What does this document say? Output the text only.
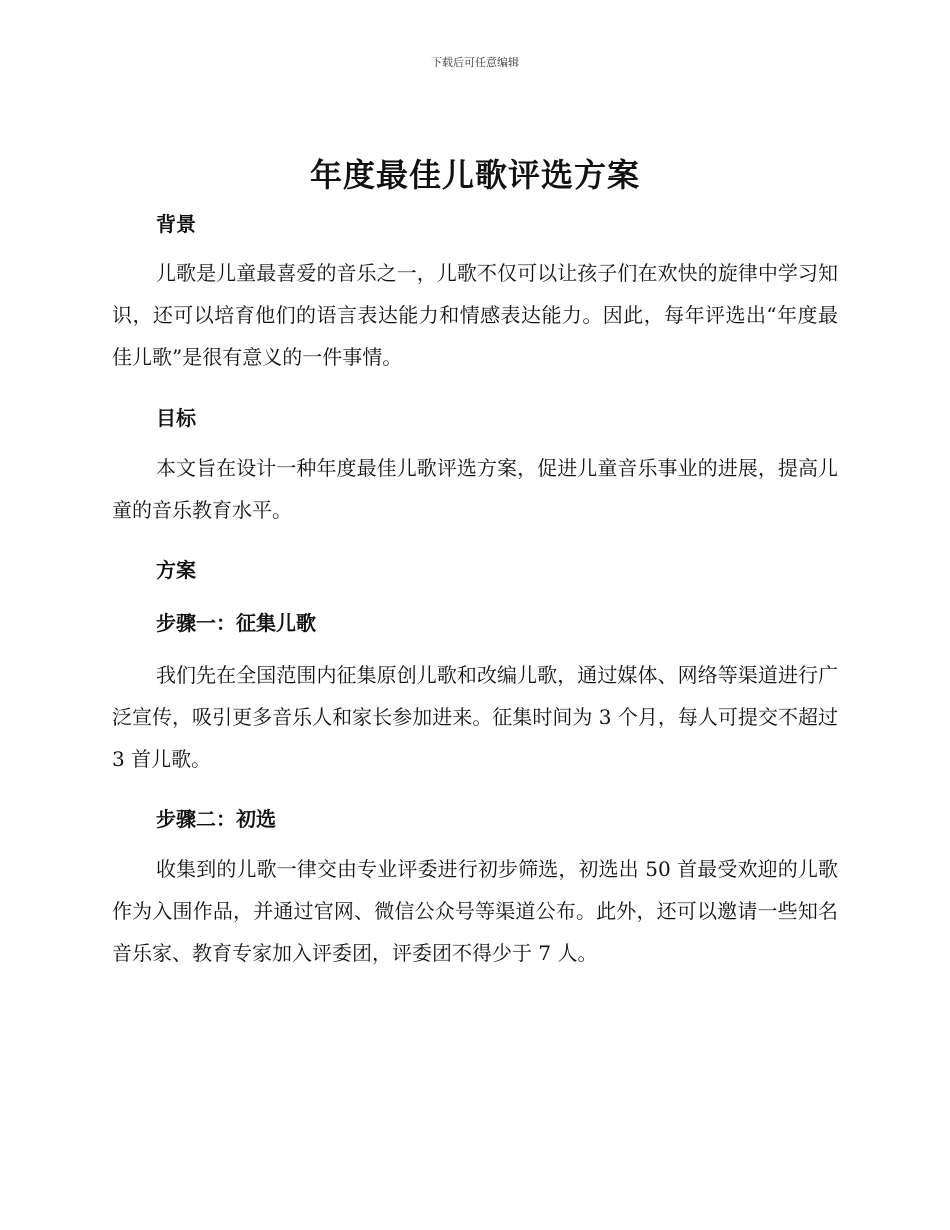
下载后可任意编辑
年度最佳儿歌评选方案
背景

儿歌是儿童最喜爱的音乐之一，儿歌不仅可以让孩子们在欢快的旋律中学习知识，还可以培育他们的语言表达能力和情感表达能力。因此，每年评选出“年度最佳儿歌”是很有意义的一件事情。

目标

本文旨在设计一种年度最佳儿歌评选方案，促进儿童音乐事业的进展，提高儿童的音乐教育水平。

方案
步骤一：征集儿歌

我们先在全国范围内征集原创儿歌和改编儿歌，通过媒体、网络等渠道进行广泛宣传，吸引更多音乐人和家长参加进来。征集时间为 3 个月，每人可提交不超过 3 首儿歌。

步骤二：初选

收集到的儿歌一律交由专业评委进行初步筛选，初选出 50 首最受欢迎的儿歌作为入围作品，并通过官网、微信公众号等渠道公布。此外，还可以邀请一些知名音乐家、教育专家加入评委团，评委团不得少于 7 人。
